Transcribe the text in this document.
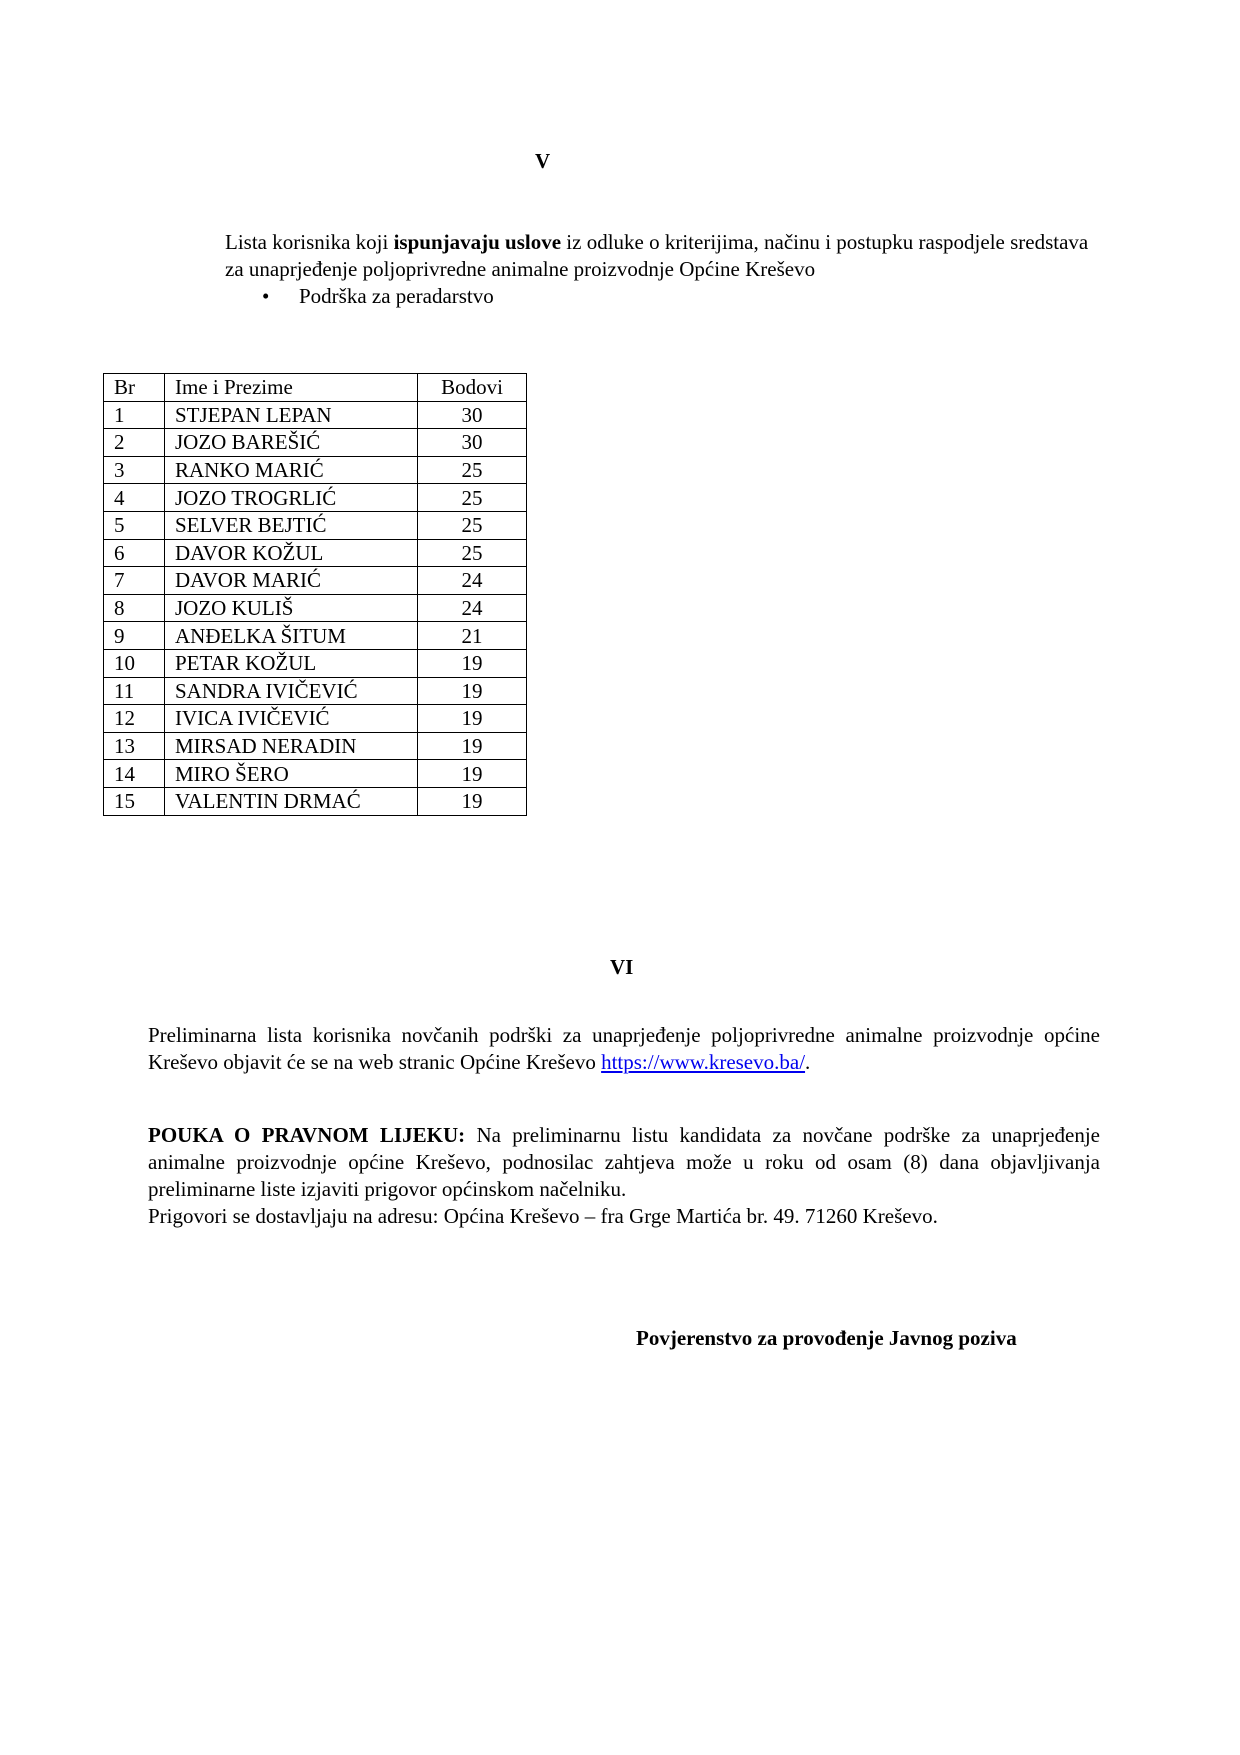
V
Lista korisnika koji ispunjavaju uslove iz odluke o kriterijima, načinu i postupku raspodjele sredstava za unaprjeđenje poljoprivredne animalne proizvodnje Općine Kreševo
• Podrška za peradarstvo
Br	Ime i Prezime	Bodovi
1	STJEPAN LEPAN	30
2	JOZO BAREŠIĆ	30
3	RANKO MARIĆ	25
4	JOZO TROGRLIĆ	25
5	SELVER BEJTIĆ	25
6	DAVOR KOŽUL	25
7	DAVOR MARIĆ	24
8	JOZO KULIŠ	24
9	ANĐELKA ŠITUM	21
10	PETAR KOŽUL	19
11	SANDRA IVIČEVIĆ	19
12	IVICA IVIČEVIĆ	19
13	MIRSAD NERADIN	19
14	MIRO ŠERO	19
15	VALENTIN DRMAĆ	19
VI
Preliminarna lista korisnika novčanih podrški za unaprjeđenje poljoprivredne animalne proizvodnje općine Kreševo objavit će se na web stranic Općine Kreševo https://www.kresevo.ba/.
POUKA O PRAVNOM LIJEKU: Na preliminarnu listu kandidata za novčane podrške za unaprjeđenje animalne proizvodnje općine Kreševo, podnosilac zahtjeva može u roku od osam (8) dana objavljivanja preliminarne liste izjaviti prigovor općinskom načelniku.
Prigovori se dostavljaju na adresu: Općina Kreševo – fra Grge Martića br. 49. 71260 Kreševo.
Povjerenstvo za provođenje Javnog poziva
